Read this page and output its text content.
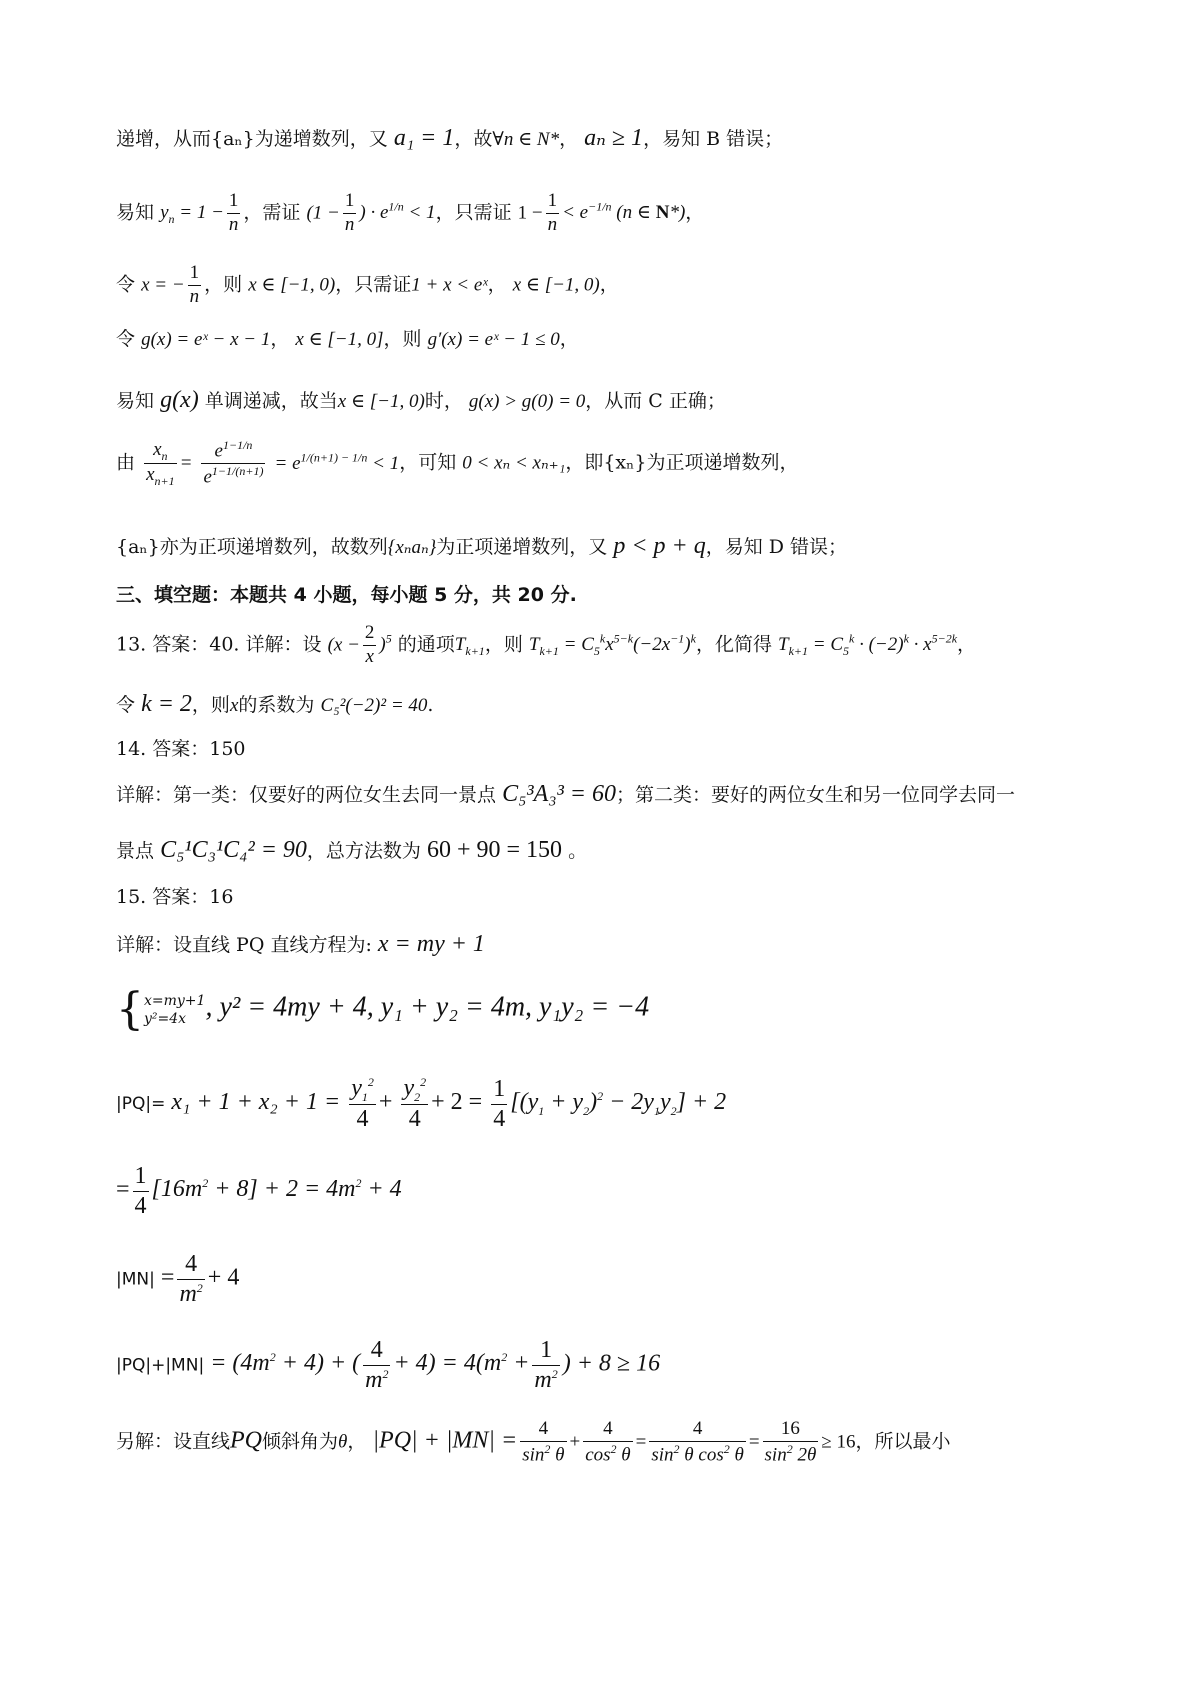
递增，从而{aₙ}为递增数列，又 a₁ = 1，故∀n ∈ N*， aₙ ≥ 1，易知 B 错误；
易知 $y_n = 1 - \frac{1}{n}$ ，需证 ($1 - \frac{1}{n}$ ) · $e^{1/n} < 1$，只需证 $1 - \frac{1}{n} < e^{-1/n}$ (n ∈ N*)，
令 x = − $\frac{1}{n}$ ，则 x ∈ [−1, 0)，只需证1 + x < eˣ， x ∈ [−1, 0)，
令 g(x) = eˣ − x − 1， x ∈ [−1, 0]，则 g′(x) = eˣ − 1 ≤ 0，
易知 g(x) 单调递减，故当x ∈ [−1, 0)时， g(x) > g(0) = 0，从而 C 正确；
由 $\frac{x_n}{x_{n+1}} = \frac{e^{1-1/n}}{e^{1-1/(n+1)}} = e^{1/(n+1) - 1/n} < 1$，可知 0 < xₙ < xₙ₊₁，即{xₙ}为正项递增数列，
{aₙ}亦为正项递增数列，故数列{xₙaₙ}为正项递增数列，又 p < p + q，易知 D 错误；
三、填空题：本题共 4 小题，每小题 5 分，共 20 分.
13. 答案：40. 详解：设 $(x - \frac{2}{x} )^5$ 的通项$T_{k+1}$，则 $T_{k+1} = C_5^kx^{5-k}(-2x^{-1})^k$，化简得 $T_{k+1} = C_5^k \cdot (-2)^k \cdot x^{5-2k}$，
令 k = 2，则x的系数为 C₅²(−2)² = 40.
14. 答案：150
详解：第一类：仅要好的两位女生去同一景点 C₅³A₃³ = 60；第二类：要好的两位女生和另一位同学去同一
景点 C₅¹C₃¹C₄² = 90，总方法数为 60 + 90 = 150 。
15. 答案：16
详解：设直线 PQ 直线方程为: x = my + 1
{ x=my+1
y²=4x , y² = 4my + 4, y₁ + y₂ = 4m, y₁y₂ = −4
$|PQ|= x_1 + 1 + x_2 + 1 = \frac{y_1^2}{4} + \frac{y_2^2}{4} + 2 = \frac{1}{4} [(y_1 + y_2)^2 - 2y_1y_2] + 2$
= $\frac{1}{4} [16m^2 + 8] + 2 = 4m^2 + 4$
$|MN| = \frac{4}{m^2} + 4$
$|PQ|+|MN| = (4m^2 + 4)$ + ( $\frac{4}{m^2} + 4) = 4(m^2 + \frac{1}{m^2}$ ) + 8 ≥ 16
另解：设直线PQ倾斜角为θ， $|PQ| + |MN| = \frac{4}{\sin^2 \theta} + \frac{4}{\cos^2 \theta} = \frac{4}{\sin^2 \theta \cos^2 \theta} = \frac{16}{\sin^2 2\theta} \ge 16$，所以最小
